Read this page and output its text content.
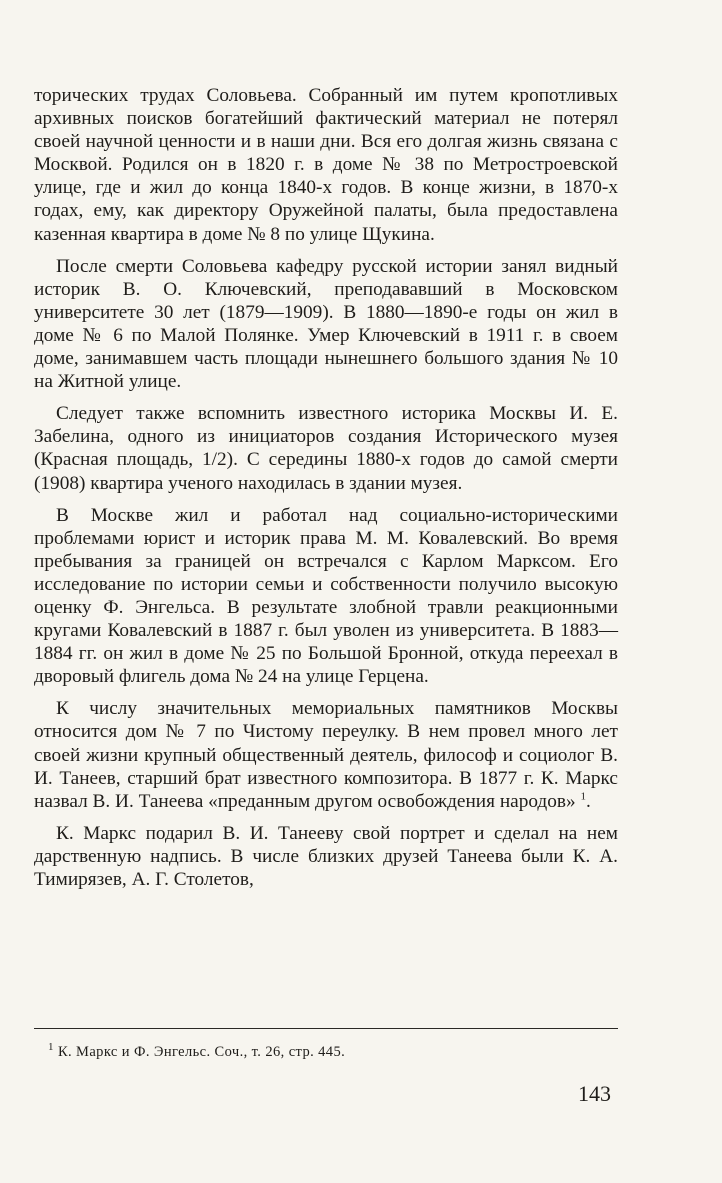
торических трудах Соловьева. Собранный им путем кропотливых архивных поисков богатейший фактический материал не потерял своей научной ценности и в наши дни. Вся его долгая жизнь связана с Москвой. Родился он в 1820 г. в доме № 38 по Метростроевской улице, где и жил до конца 1840-х годов. В конце жизни, в 1870-х годах, ему, как директору Оружейной палаты, была предоставлена казенная квартира в доме № 8 по улице Щукина.

После смерти Соловьева кафедру русской истории занял видный историк В. О. Ключевский, преподававший в Московском университете 30 лет (1879—1909). В 1880—1890-е годы он жил в доме № 6 по Малой Полянке. Умер Ключевский в 1911 г. в своем доме, занимавшем часть площади нынешнего большого здания № 10 на Житной улице.

Следует также вспомнить известного историка Москвы И. Е. Забелина, одного из инициаторов создания Исторического музея (Красная площадь, 1/2). С середины 1880-х годов до самой смерти (1908) квартира ученого находилась в здании музея.

В Москве жил и работал над социально-историческими проблемами юрист и историк права М. М. Ковалевский. Во время пребывания за границей он встречался с Карлом Марксом. Его исследование по истории семьи и собственности получило высокую оценку Ф. Энгельса. В результате злобной травли реакционными кругами Ковалевский в 1887 г. был уволен из университета. В 1883—1884 гг. он жил в доме № 25 по Большой Бронной, откуда переехал в дворовый флигель дома № 24 на улице Герцена.

К числу значительных мемориальных памятников Москвы относится дом № 7 по Чистому переулку. В нем провел много лет своей жизни крупный общественный деятель, философ и социолог В. И. Танеев, старший брат известного композитора. В 1877 г. К. Маркс назвал В. И. Танеева «преданным другом освобождения народов» $^1$.

К. Маркс подарил В. И. Танееву свой портрет и сделал на нем дарственную надпись. В числе близких друзей Танеева были К. А. Тимирязев, А. Г. Столетов,

$^1$ К. Маркс и Ф. Энгельс. Соч., т. 26, стр. 445.
143
